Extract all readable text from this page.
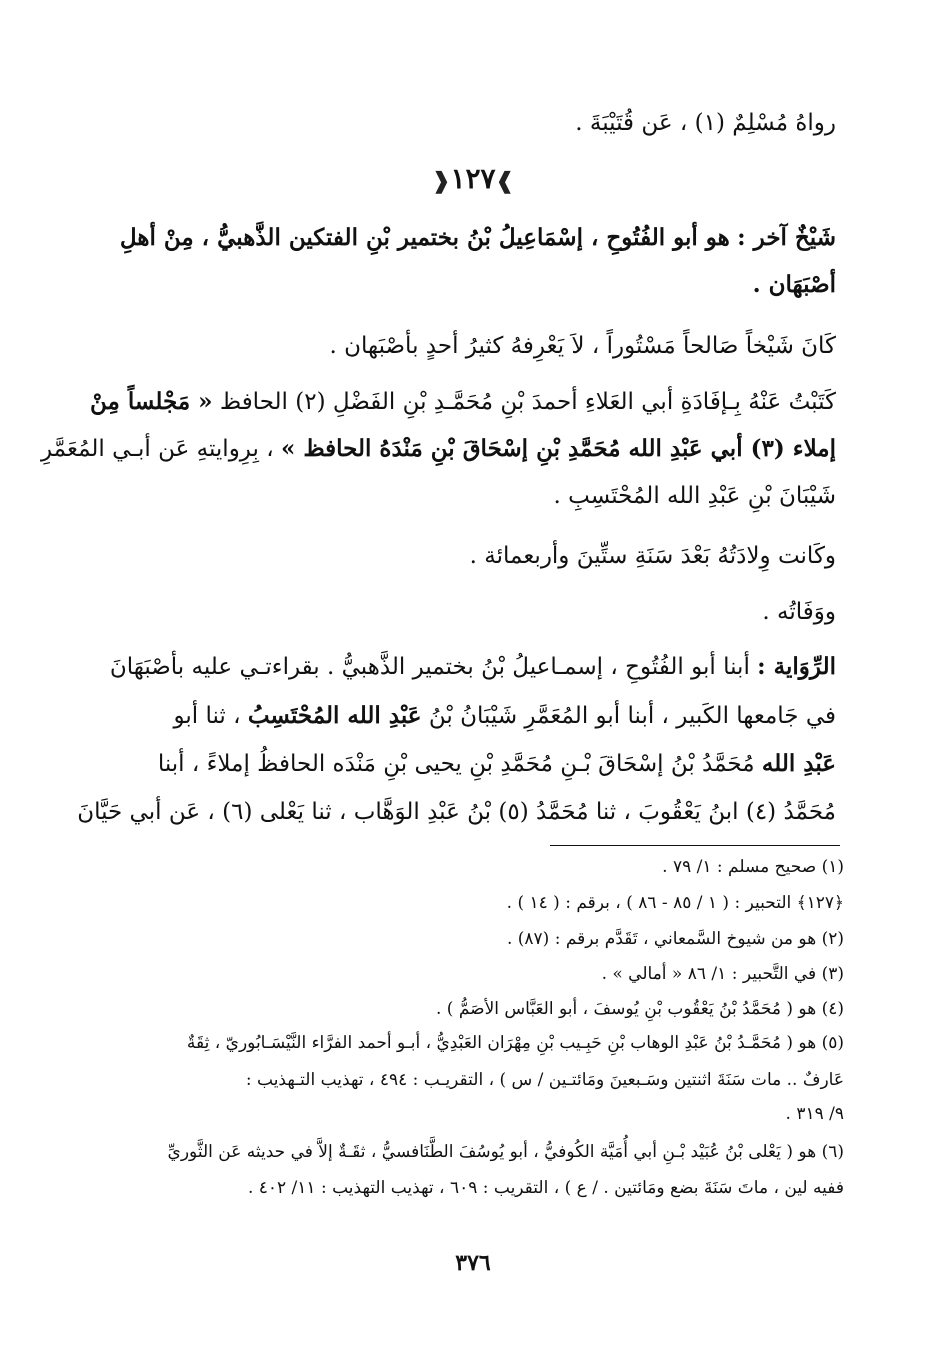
رواهُ مُسْلِمٌ (١) ، عَن قُتَيْبَةَ .
❱١٢٧❰
شَيْخٌ آخر : هو أبو الفُتُوحِ ، إسْمَاعِيلُ بْنُ بختمير بْنِ الفتكين الذَّهبيُّ ، مِنْ أهلِ
أصْبَهَان .
كَانَ شَيْخاً صَالحاً مَسْتُوراً ، لاَ يَعْرِفهُ كثيرُ أحدٍ بأصْبَهان .
كَتَبْتُ عَنْهُ بِـإفَادَةِ أبي العَلاءِ أحمدَ بْنِ مُحَمَّـدِ بْنِ الفَضْلِ (٢) الحافظ « مَجْلساً مِنْ
إملاء (٣) أبي عَبْدِ الله مُحَمَّدِ بْنِ إسْحَاقَ بْنِ مَنْدَهُ الحافظ » ، بِرِوايتهِ عَن أبـي المُعَمَّرِ
شَيْبَانَ بْنِ عَبْدِ الله المُحْتَسِبِ .
وكَانت وِلادَتُهُ بَعْدَ سَنَةِ ستِّينَ وأربعمائة .
ووَفَاتُه .
الرِّوَاية : أبنا أبو الفُتُوحِ ، إسمـاعيلُ بْنُ بختمير الذَّهبيُّ . بقراءتـي عليه بأصْبَهَانَ
في جَامعها الكَبير ، أبنا أبو المُعَمَّرِ شَيْبَانُ بْنُ عَبْدِ الله المُحْتَسِبُ ، ثنا أبو
عَبْدِ الله مُحَمَّدُ بْنُ إسْحَاقَ بْـنِ مُحَمَّدِ بْنِ يحيى بْنِ مَنْدَه الحافظُ إملاءً ، أبنا
مُحَمَّدُ (٤) ابنُ يَعْقُوبَ ، ثنا مُحَمَّدُ (٥) بْنُ عَبْدِ الوَهَّاب ، ثنا يَعْلى (٦) ، عَن أبي حَيَّانَ
(١) صحيح مسلم : ١/ ٧٩ .
﴿١٢٧﴾ التحبير : ( ١ / ٨٥ - ٨٦ ) ، برقم : ( ١٤ ) .
(٢) هو من شيوخ السَّمعاني ، تَقَدَّم برقم : (٨٧) .
(٣) في التَّحبير : ١/ ٨٦ « أمالي » .
(٤) هو ( مُحَمَّدُ بْنُ يَعْقُوب بْنِ يُوسفَ ، أبو العَبَّاس الأصَمُّ ) .
(٥) هو ( مُحَمَّـدُ بْنُ عَبْدِ الوهاب بْنِ حَبِـيب بْنِ مِهْرَان العَبْدِيُّ ، أبـو أحمد الفرَّاء النَّيْسَـابُوريّ ، ثِقَةٌ
عَارفٌ .. مات سَنَةَ اثنتين وسَـبعينَ ومَائتـين / س ) ، التقريـب : ٤٩٤ ، تهذيب التـهذيب :
٩/ ٣١٩ .
(٦) هو ( يَعْلى بْنُ عُبَيْد بْـنِ أبي أُمَيَّة الكُوفيُّ ، أبو يُوسُفَ الطَّنَافسيُّ ، ثقَـةٌ إلاَّ في حديثه عَن الثَّوريِّ
ففيه لين ، ماتَ سَنَةَ بضع ومَائتين . / ع ) ، التقريب : ٦٠٩ ، تهذيب التهذيب : ١١/ ٤٠٢ .
٣٧٦
